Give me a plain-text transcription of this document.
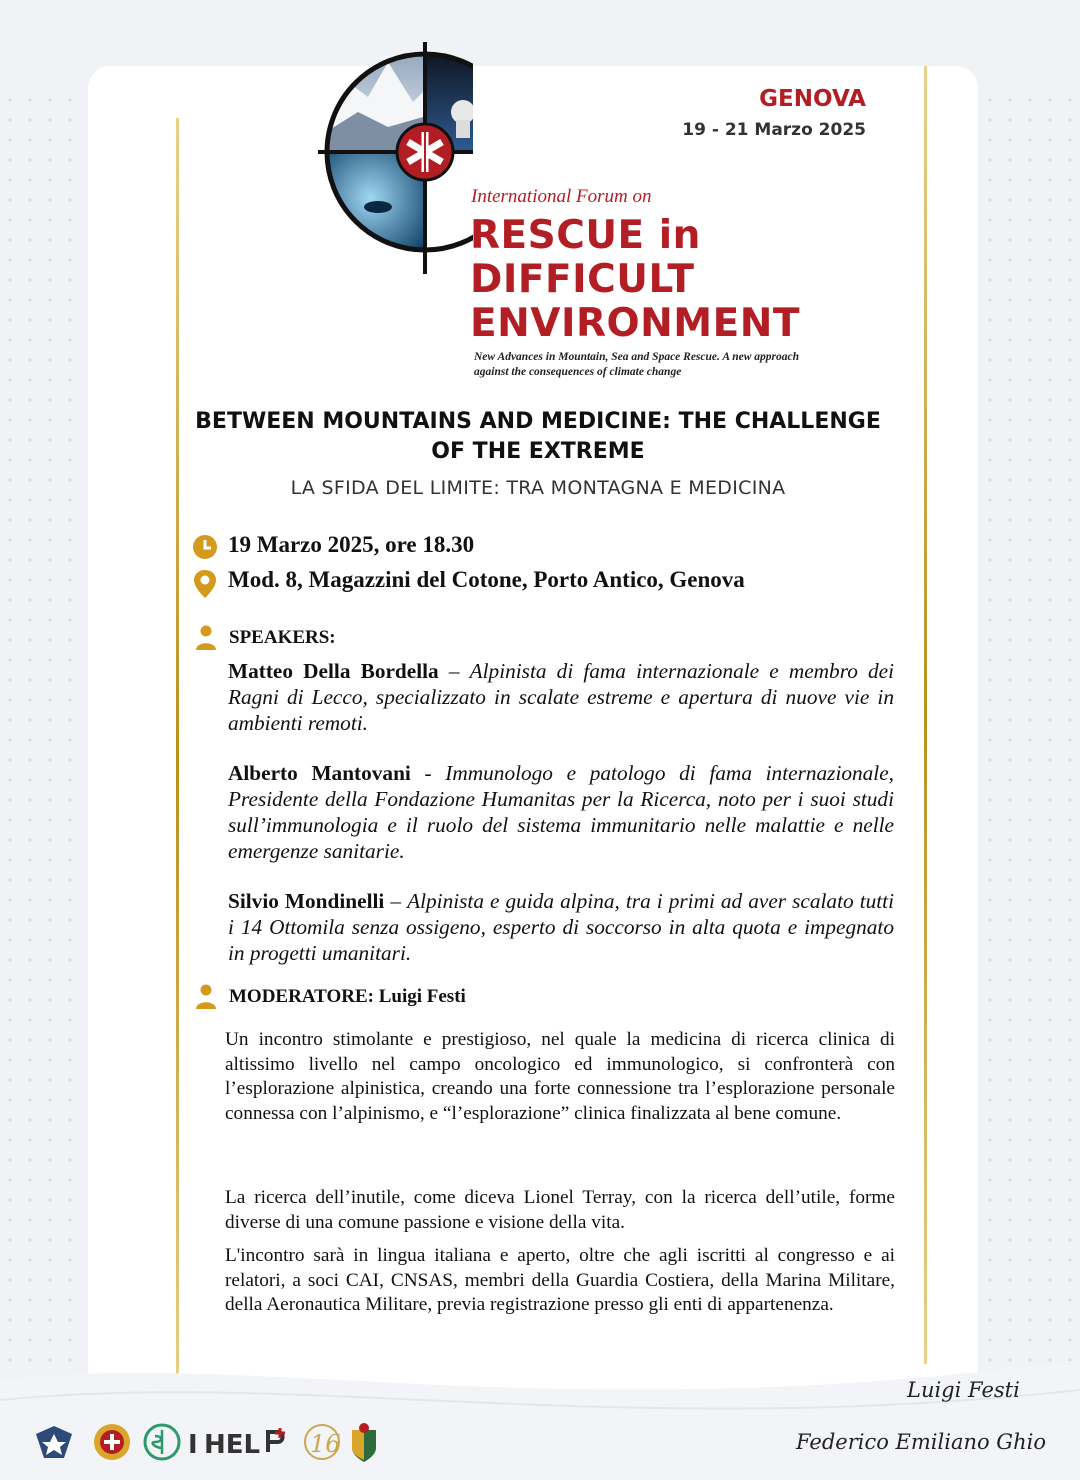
GENOVA
19 - 21 Marzo 2025
International Forum on
RESCUE in
DIFFICULT
ENVIRONMENT
New Advances in Mountain, Sea and Space Rescue. A new approach against the consequences of climate change
BETWEEN MOUNTAINS AND MEDICINE: THE CHALLENGE OF THE EXTREME
LA SFIDA DEL LIMITE: TRA MONTAGNA E MEDICINA
19 Marzo 2025, ore 18.30
Mod. 8, Magazzini del Cotone, Porto Antico, Genova
SPEAKERS:
Matteo Della Bordella – Alpinista di fama internazionale e membro dei Ragni di Lecco, specializzato in scalate estreme e apertura di nuove vie in ambienti remoti.
Alberto Mantovani - Immunologo e patologo di fama internazionale, Presidente della Fondazione Humanitas per la Ricerca, noto per i suoi studi sull’immunologia e il ruolo del sistema immunitario nelle malattie e nelle emergenze sanitarie.
Silvio Mondinelli – Alpinista e guida alpina, tra i primi ad aver scalato tutti i 14 Ottomila senza ossigeno, esperto di soccorso in alta quota e impegnato in progetti umanitari.
MODERATORE: Luigi Festi
Un incontro stimolante e prestigioso, nel quale la medicina di ricerca clinica di altissimo livello nel campo oncologico ed immunologico, si confronterà con l’esplorazione alpinistica, creando una forte connessione tra l’esplorazione personale connessa con l’alpinismo, e “l’esplorazione” clinica finalizzata al bene comune.
La ricerca dell’inutile, come diceva Lionel Terray, con la ricerca dell’utile, forme diverse di una comune passione e visione della vita.
L'incontro sarà in lingua italiana e aperto, oltre che agli iscritti al congresso e ai relatori, a soci CAI, CNSAS, membri della Guardia Costiera, della Marina Militare, della Aeronautica Militare, previa registrazione presso gli enti di appartenenza.
Luigi Festi
Federico Emiliano Ghio
I HEL 16
